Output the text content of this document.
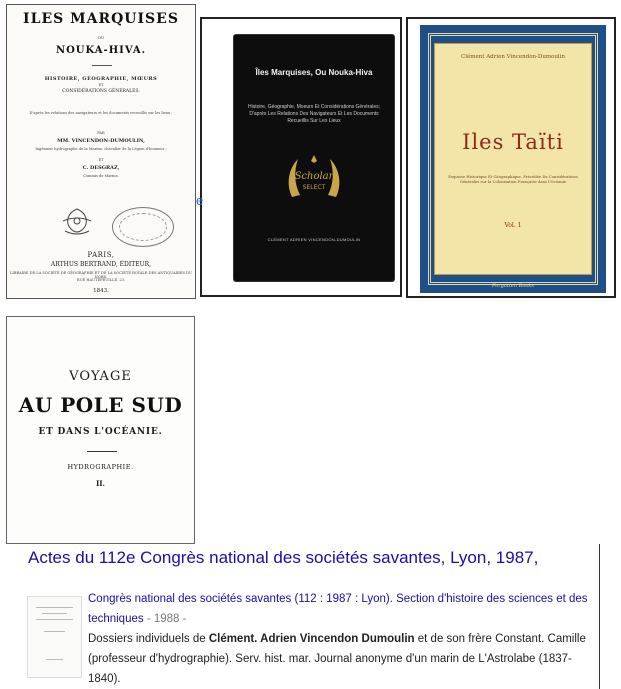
ILES MARQUISES
OU
NOUKA-HIVA.
HISTOIRE, GÉOGRAPHIE, MŒURS
ET
CONSIDÉRATIONS GÉNÉRALES.
D'après les relations des navigateurs et les documents recueillis sur les lieux ;
PAR
MM. VINCENDON-DUMOULIN,
Ingénieur hydrographe de la Marine, chevalier de la Légion d'honneur ;
ET
C. DESGRAZ,
Commis de Marine.
PARIS,
ARTHUS BERTRAND, ÉDITEUR,
LIBRAIRE DE LA SOCIÉTÉ DE GÉOGRAPHIE ET DE LA SOCIÉTÉ ROYALE DES ANTIQUAIRES DU NORD,
RUE HAUTEFEUILLE, 23.
1843.
Îles Marquises, Ou Nouka-Hiva
Histoire, Géographie, Moeurs Et Considérations Générales; D'après Les Relations Des Navigateurs Et Les Documents Recueillis Sur Les Lieux
Scholar
SELECT
CLÉMENT ADRIEN VINCENDON-DUMOULIN
e
Clément Adrien Vincendon-Dumoulin
Iles Taïti
Esquisse Historique Et Géographique, Précédée De Considérations Générales sur la Colonisation Française dans l'Océanie
Vol. 1
Forgotten Books
VOYAGE
AU POLE SUD
ET DANS L'OCÉANIE.
HYDROGRAPHIE.
II.
Actes du 112e Congrès national des sociétés savantes, Lyon, 1987,
Congrès national des sociétés savantes (112 : 1987 : Lyon). Section d'histoire des sciences et des techniques - 1988 -
Dossiers individuels de Clément. Adrien Vincendon Dumoulin et de son frère Constant. Camille (professeur d'hydrographie). Serv. hist. mar. Journal anonyme d'un marin de L'Astrolabe (1837-1840).
